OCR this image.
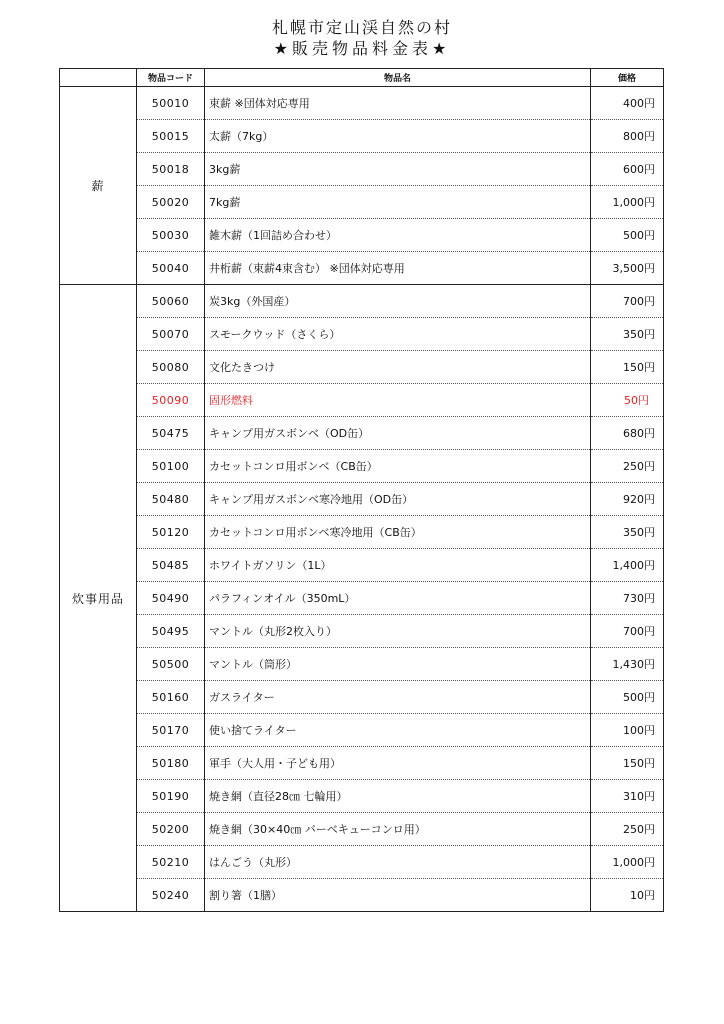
札幌市定山渓自然の村
★販売物品料金表★
	物品コード	物品名	価格
薪	50010	束薪 ※団体対応専用	400円
	50015	太薪（7kg）	800円
	50018	3kg薪	600円
	50020	7kg薪	1,000円
	50030	雑木薪（1回詰め合わせ）	500円
	50040	井桁薪（束薪4束含む） ※団体対応専用	3,500円
炊事用品	50060	炭3kg（外国産）	700円
	50070	スモークウッド（さくら）	350円
	50080	文化たきつけ	150円
	50090	固形燃料	50円
	50475	キャンプ用ガスボンベ（OD缶）	680円
	50100	カセットコンロ用ボンベ（CB缶）	250円
	50480	キャンプ用ガスボンベ寒冷地用（OD缶）	920円
	50120	カセットコンロ用ボンベ寒冷地用（CB缶）	350円
	50485	ホワイトガソリン（1L）	1,400円
	50490	パラフィンオイル（350mL）	730円
	50495	マントル（丸形2枚入り）	700円
	50500	マントル（筒形）	1,430円
	50160	ガスライター	500円
	50170	使い捨てライター	100円
	50180	軍手（大人用・子ども用）	150円
	50190	焼き網（直径28㎝ 七輪用）	310円
	50200	焼き網（30×40㎝ バーベキューコンロ用）	250円
	50210	はんごう（丸形）	1,000円
	50240	割り箸（1膳）	10円
